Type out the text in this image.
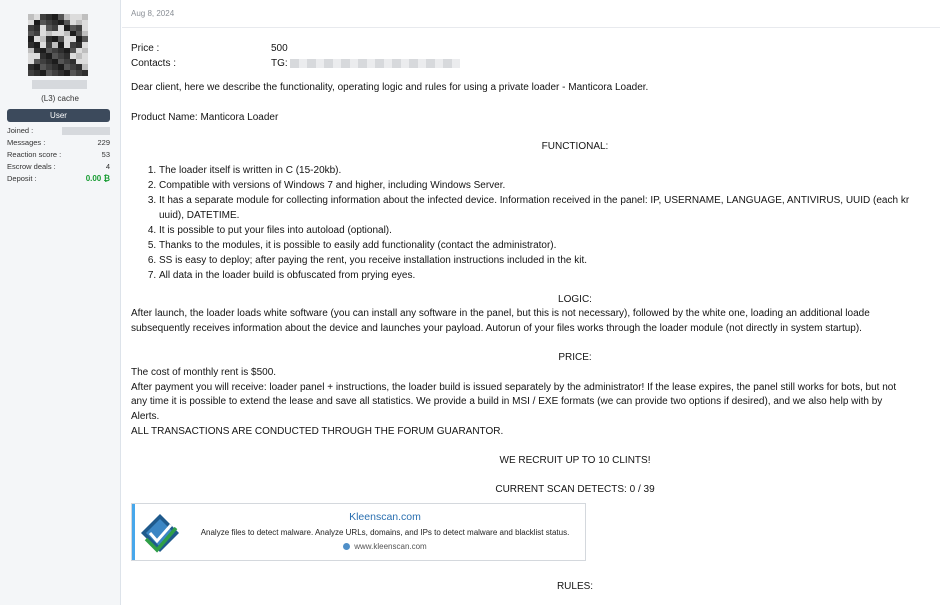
(L3) cache
User
Joined :
Messages :	229
Reaction score :	53
Escrow deals :	4
Deposit :	0.00 ₿
Aug 8, 2024
Price :	500
Contacts :	TG:
Dear client, here we describe the functionality, operating logic and rules for using a private loader - Manticora Loader.
Product Name: Manticora Loader
FUNCTIONAL:
1. The loader itself is written in C (15-20kb).
2. Compatible with versions of Windows 7 and higher, including Windows Server.
3. It has a separate module for collecting information about the infected device. Information received in the panel: IP, USERNAME, LANGUAGE, ANTIVIRUS, UUID (each kr
uuid), DATETIME.
4. It is possible to put your files into autoload (optional).
5. Thanks to the modules, it is possible to easily add functionality (contact the administrator).
6. SS is easy to deploy; after paying the rent, you receive installation instructions included in the kit.
7. All data in the loader build is obfuscated from prying eyes.
LOGIC:
After launch, the loader loads white software (you can install any software in the panel, but this is not necessary), followed by the white one, loading an additional loade
subsequently receives information about the device and launches your payload. Autorun of your files works through the loader module (not directly in system startup).
PRICE:
The cost of monthly rent is $500.
After payment you will receive: loader panel + instructions, the loader build is issued separately by the administrator! If the lease expires, the panel still works for bots, but not
any time it is possible to extend the lease and save all statistics. We provide a build in MSI / EXE formats (we can provide two options if desired), and we also help with by
Alerts.
ALL TRANSACTIONS ARE CONDUCTED THROUGH THE FORUM GUARANTOR.
WE RECRUIT UP TO 10 CLINTS!
CURRENT SCAN DETECTS: 0 / 39
RULES:
Kleenscan.com
Analyze files to detect malware. Analyze URLs, domains, and IPs to detect malware and blacklist status.
www.kleenscan.com
